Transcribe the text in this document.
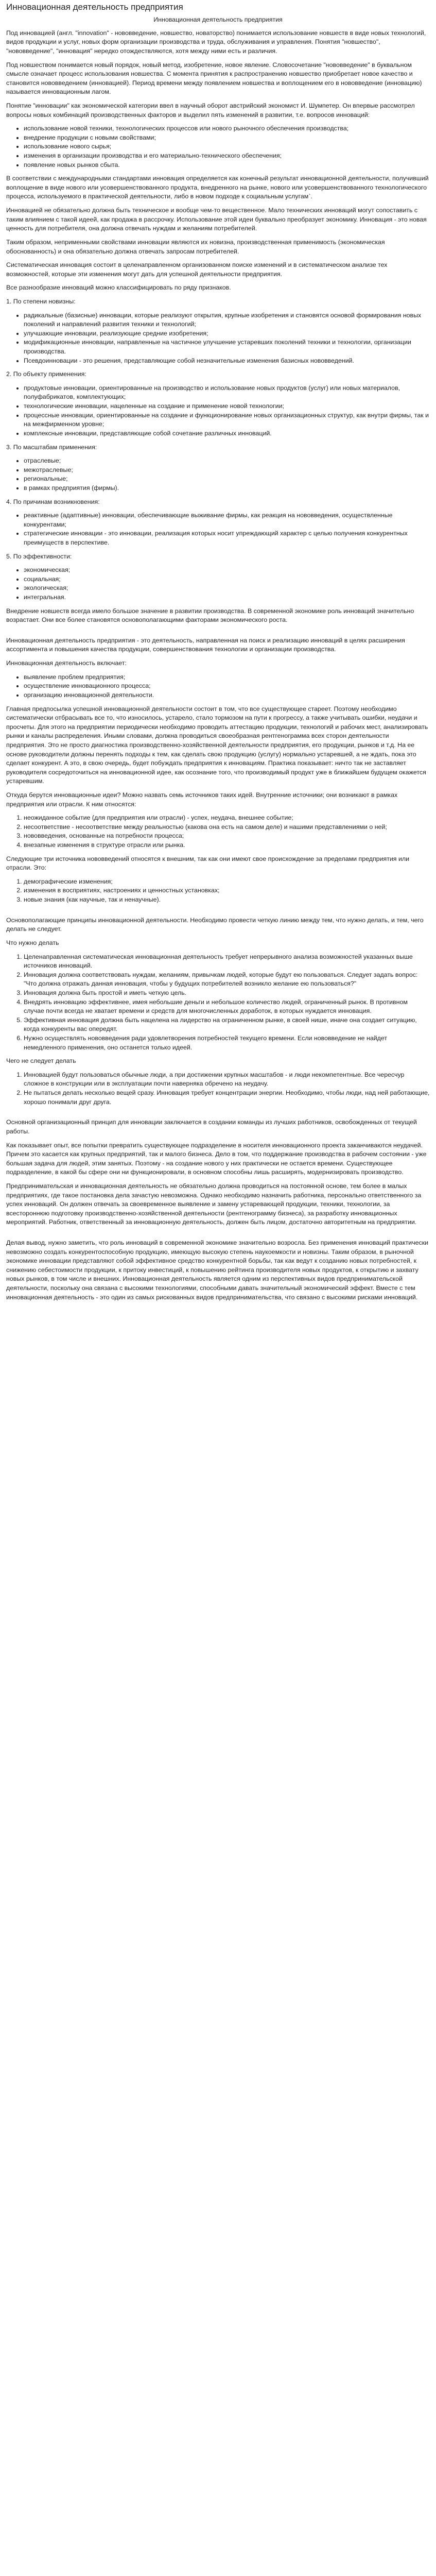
Инновационная деятельность предприятия

Инновационная деятельность предприятия

Под инновацией (англ. "innovation" - нововведение, новшество, новаторство) понимается использование новшеств в виде новых технологий, видов продукции и услуг, новых форм организации производства и труда, обслуживания и управления. Понятия "новшество", "нововведение", "инновация" нередко отождествляются, хотя между ними есть и различия.

Под новшеством понимается новый порядок, новый метод, изобретение, новое явление. Словосочетание "нововведение" в буквальном смысле означает процесс использования новшества. С момента принятия к распространению новшество приобретает новое качество и становится нововведением (инновацией). Период времени между появлением новшества и воплощением его в нововведение (инновацию) называется инновационным лагом.

Понятие "инновации" как экономической категории ввел в научный оборот австрийский экономист И. Шумпетер. Он впервые рассмотрел вопросы новых комбинаций производственных факторов и выделил пять изменений в развитии, т.е. вопросов инноваций:

• использование новой техники, технологических процессов или нового рыночного обеспечения производства;
• внедрение продукции с новыми свойствами;
• использование нового сырья;
• изменения в организации производства и его материально-технического обеспечения;
• появление новых рынков сбыта.

В соответствии с международными стандартами инновация определяется как конечный результат инновационной деятельности, получивший воплощение в виде нового или усовершенствованного продукта, внедренного на рынке, нового или усовершенствованного технологического процесса, используемого в практической деятельности, либо в новом подходе к социальным услугам`.

Инновацией не обязательно должна быть техническое и вообще чем-то вещественное. Мало технических инноваций могут сопоставить с таким влиянием с такой идеей, как продажа в рассрочку. Использование этой идеи буквально преобразует экономику. Инновация - это новая ценность для потребителя, она должна отвечать нуждам и желаниям потребителей.

Таким образом, неприменными свойствами инновации являются их новизна, производственная применимость (экономическая обоснованность) и она обязательно должна отвечать запросам потребителей.

Систематическая инновация состоит в целенаправленном организованном поиске изменений и в систематическом анализе тех возможностей, которые эти изменения могут дать для успешной деятельности предприятия.

Все разнообразие инноваций можно классифицировать по ряду признаков.

1. По степени новизны:

• радикальные (базисные) инновации, которые реализуют открытия, крупные изобретения и становятся основой формирования новых поколений и направлений развития техники и технологий;
• улучшающие инновации, реализующие средние изобретения;
• модификационные инновации, направленные на частичное улучшение устаревших поколений техники и технологии, организации производства.
• Псевдоинновации - это решения, представляющие собой незначительные изменения базисных нововведений.

2. По объекту применения:

• продуктовые инновации, ориентированные на производство и использование новых продуктов (услуг) или новых материалов, полуфабрикатов, комплектующих;
• технологические инновации, нацеленные на создание и применение новой технологии;
• процессные инновации, ориентированные на создание и функционирование новых организационных структур, как внутри фирмы, так и на межфирменном уровне;
• комплексные инновации, представляющие собой сочетание различных инноваций.

3. По масштабам применения:

• отраслевые;
• межотраслевые;
• региональные;
• в рамках предприятия (фирмы).

4. По причинам возникновения:

• реактивные (адаптивные) инновации, обеспечивающие выживание фирмы, как реакция на нововведения, осуществленные конкурентами;
• стратегические инновации - это инновации, реализация которых носит упреждающий характер с целью получения конкурентных преимуществ в перспективе.

5. По эффективности:

• экономическая;
• социальная;
• экологическая;
• интегральная.

Внедрение новшеств всегда имело большое значение в развитии производства. В современной экономике роль инноваций значительно возрастает. Они все более становятся основополагающими факторами экономического роста.

Инновационная деятельность предприятия - это деятельность, направленная на поиск и реализацию инноваций в целях расширения ассортимента и повышения качества продукции, совершенствования технологии и организации производства.

Инновационная деятельность включает:

• выявление проблем предприятия;
• осуществление инновационного процесса;
• организацию инновационной деятельности.

Главная предпосылка успешной инновационной деятельности состоит в том, что все существующее стареет. Поэтому необходимо систематически отбрасывать все то, что износилось, устарело, стало тормозом на пути к прогрессу, а также учитывать ошибки, неудачи и просчеты. Для этого на предприятии периодически необходимо проводить аттестацию продукции, технологий и рабочих мест, анализировать рынки и каналы распределения. Иными словами, должна проводиться своеобразная рентгенограмма всех сторон деятельности предприятия. Это не просто диагностика производственно-хозяйственной деятельности предприятия, его продукции, рынков и т.д. На ее основе руководители должны перенять подходы к тем, как сделать свою продукцию (услугу) нормально устаревшей, а не ждать, пока это сделает конкурент. А это, в свою очередь, будет побуждать предприятия к инновациям. Практика показывает: ничто так не заставляет руководителя сосредоточиться на инновационной идее, как осознание того, что производимый продукт уже в ближайшем будущем окажется устаревшим.

Откуда берутся инновационные идеи? Можно назвать семь источников таких идей. Внутренние источники; они возникают в рамках предприятия или отрасли. К ним относятся:

1. неожиданное событие (для предприятия или отрасли) - успех, неудача, внешнее событие;
2. несоответствие - несоответствие между реальностью (какова она есть на самом деле) и нашими представлениями о ней;
3. нововведения, основанные на потребности процесса;
4. внезапные изменения в структуре отрасли или рынка.

Следующие три источника нововведений относятся к внешним, так как они имеют свое происхождение за пределами предприятия или отрасли. Это:

1. демографические изменения;
2. изменения в восприятиях, настроениях и ценностных установках;
3. новые знания (как научные, так и ненаучные).

Основополагающие принципы инновационной деятельности. Необходимо провести четкую линию между тем, что нужно делать, и тем, чего делать не следует.

Что нужно делать

1. Целенаправленная систематическая инновационная деятельность требует непрерывного анализа возможностей указанных выше источников инноваций.
2. Инновация должна соответствовать нуждам, желаниям, привычкам людей, которые будут ею пользоваться. Следует задать вопрос: "Что должна отражать данная инновация, чтобы у будущих потребителей возникло желание ею пользоваться?"
3. Инновация должна быть простой и иметь четкую цель.
4. Внедрять инновацию эффективнее, имея небольшие деньги и небольшое количество людей, ограниченный рынок. В противном случае почти всегда не хватает времени и средств для многочисленных доработок, в которых нуждается инновация.
5. Эффективная инновация должна быть нацелена на лидерство на ограниченном рынке, в своей нише, иначе она создает ситуацию, когда конкуренты вас опередят.
6. Нужно осуществлять нововведения ради удовлетворения потребностей текущего времени. Если нововведение не найдет немедленного применения, оно останется только идеей.

Чего не следует делать

1. Инновацией будут пользоваться обычные люди, а при достижении крупных масштабов - и люди некомпетентные. Все чересчур сложное в конструкции или в эксплуатации почти наверняка обречено на неудачу.
2. Не пытаться делать несколько вещей сразу. Инновация требует концентрации энергии. Необходимо, чтобы люди, над ней работающие, хорошо понимали друг друга.

Основной организационный принцип для инновации заключается в создании команды из лучших работников, освобожденных от текущей работы.

Как показывает опыт, все попытки превратить существующее подразделение в носителя инновационного проекта заканчиваются неудачей. Причем это касается как крупных предприятий, так и малого бизнеса. Дело в том, что поддержание производства в рабочем состоянии - уже большая задача для людей, этим занятых. Поэтому - на создание нового у них практически не остается времени. Существующее подразделение, в какой бы сфере они ни функционировали, в основном способны лишь расширять, модернизировать производство.

Предпринимательская и инновационная деятельность не обязательно должна проводиться на постоянной основе, тем более в малых предприятиях, где такое постановка дела зачастую невозможна. Однако необходимо назначить работника, персонально ответственного за успех инноваций. Он должен отвечать за своевременное выявление и замену устаревающей продукции, техники, технологии, за всестороннюю подготовку производственно-хозяйственной деятельности (рентгенограмму бизнеса), за разработку инновационных мероприятий. Работник, ответственный за инновационную деятельность, должен быть лицом, достаточно авторитетным на предприятии.

Делая вывод, нужно заметить, что роль инноваций в современной экономике значительно возросла. Без применения инноваций практически невозможно создать конкурентоспособную продукцию, имеющую высокую степень наукоемкости и новизны. Таким образом, в рыночной экономике инновации представляют собой эффективное средство конкурентной борьбы, так как ведут к созданию новых потребностей, к снижению себестоимости продукции, к притоку инвестиций, к повышению рейтинга производителя новых продуктов, к открытию и захвату новых рынков, в том числе и внешних. Инновационная деятельность является одним из перспективных видов предпринимательской деятельности, поскольку она связана с высокими технологиями, способными давать значительный экономический эффект. Вместе с тем инновационная деятельность - это один из самых рискованных видов предпринимательства, что связано с высокими рисками инноваций.
